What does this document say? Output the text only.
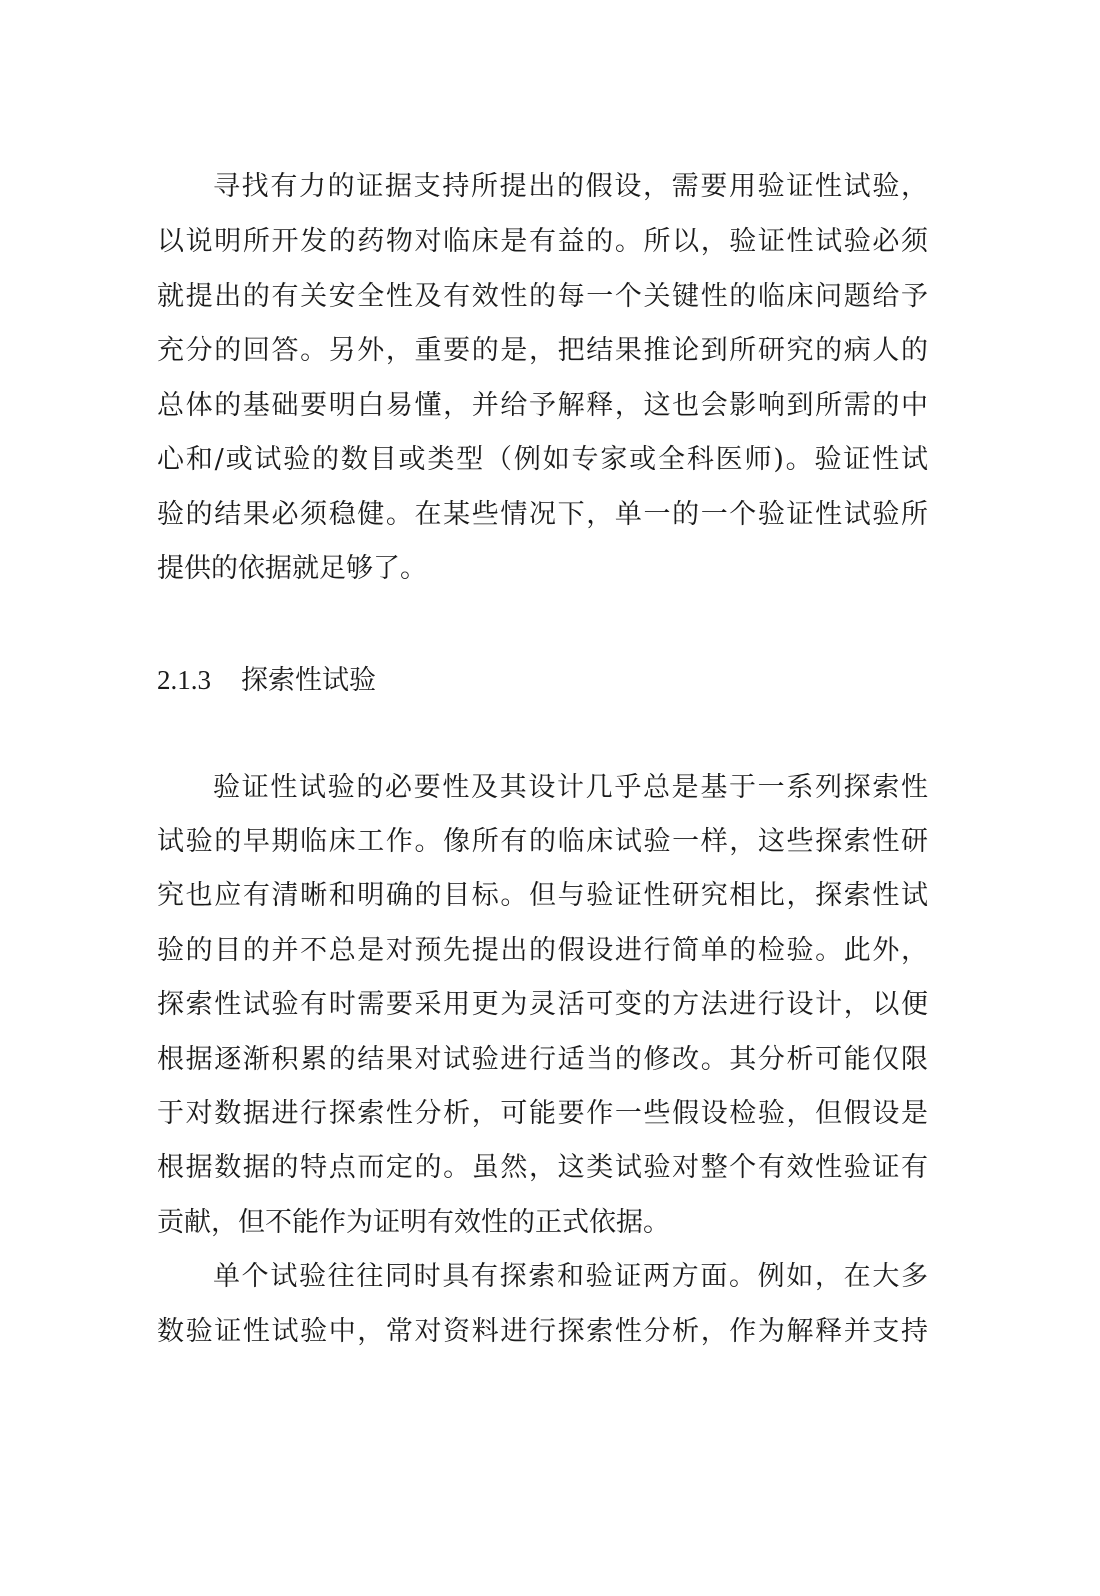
寻找有力的证据支持所提出的假设，需要用验证性试验，
以说明所开发的药物对临床是有益的。所以，验证性试验必须
就提出的有关安全性及有效性的每一个关键性的临床问题给予
充分的回答。另外，重要的是，把结果推论到所研究的病人的
总体的基础要明白易懂，并给予解释，这也会影响到所需的中
心和/或试验的数目或类型（例如专家或全科医师)。验证性试
验的结果必须稳健。在某些情况下，单一的一个验证性试验所
提供的依据就足够了。
2.1.3 探索性试验
验证性试验的必要性及其设计几乎总是基于一系列探索性
试验的早期临床工作。像所有的临床试验一样，这些探索性研
究也应有清晰和明确的目标。但与验证性研究相比，探索性试
验的目的并不总是对预先提出的假设进行简单的检验。此外，
探索性试验有时需要采用更为灵活可变的方法进行设计，以便
根据逐渐积累的结果对试验进行适当的修改。其分析可能仅限
于对数据进行探索性分析，可能要作一些假设检验，但假设是
根据数据的特点而定的。虽然，这类试验对整个有效性验证有
贡献，但不能作为证明有效性的正式依据。
单个试验往往同时具有探索和验证两方面。例如，在大多
数验证性试验中，常对资料进行探索性分析，作为解释并支持
